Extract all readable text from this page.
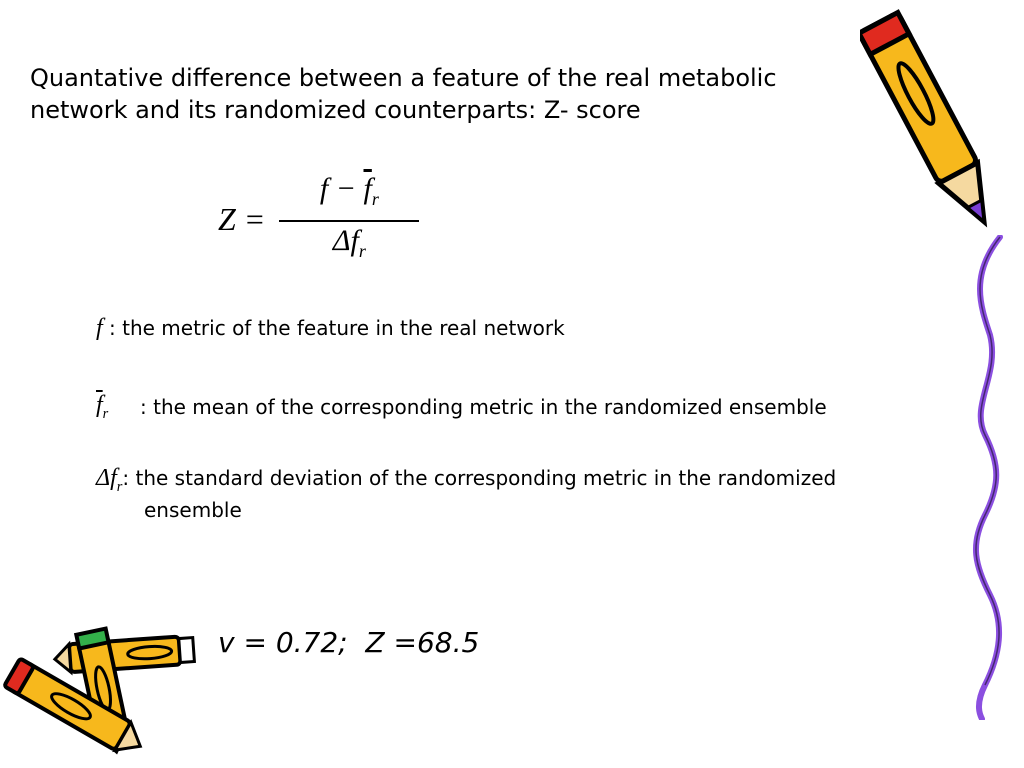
Quantative difference between a feature of the real metabolic
network and its randomized counterparts: Z- score
$Z = \frac{f - \overline{f}_r}{\Delta f_r}$
f : the metric of the feature in the real network
$\overline{f}_r$	: the mean of the corresponding metric in the randomized ensemble
$\Delta f_r$ : the standard deviation of the corresponding metric in the randomized
ensemble
v = 0.72;  Z =68.5
